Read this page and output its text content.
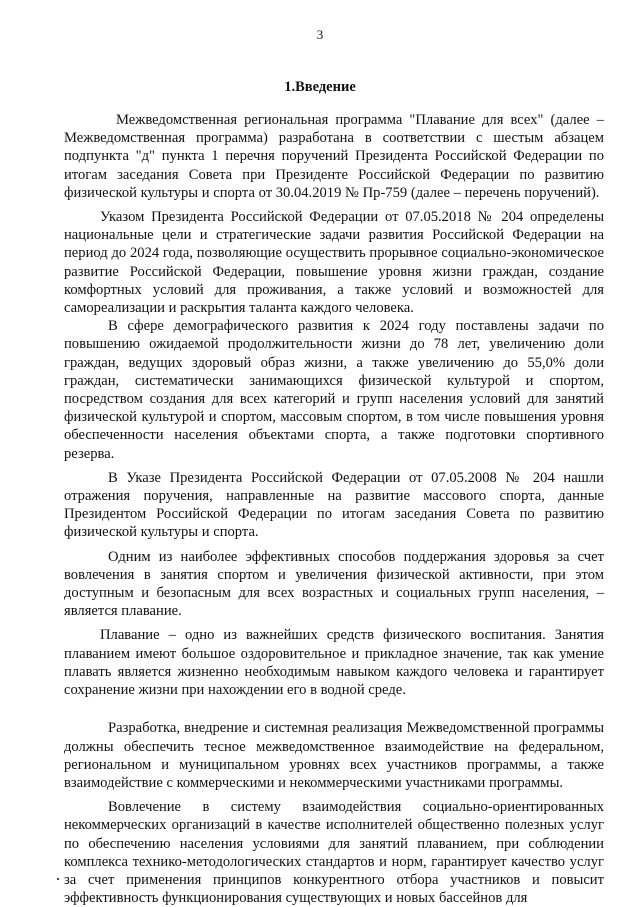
3
1.Введение

Межведомственная региональная программа "Плавание для всех" (далее – Межведомственная программа) разработана в соответствии с шестым абзацем подпункта "д" пункта 1 перечня поручений Президента Российской Федерации по итогам заседания Совета при Президенте Российской Федерации по развитию физической культуры и спорта от 30.04.2019 № Пр-759 (далее – перечень поручений).

Указом Президента Российской Федерации от 07.05.2018 № 204 определены национальные цели и стратегические задачи развития Российской Федерации на период до 2024 года, позволяющие осуществить прорывное социально-экономическое развитие Российской Федерации, повышение уровня жизни граждан, создание комфортных условий для проживания, а также условий и возможностей для самореализации и раскрытия таланта каждого человека.

В сфере демографического развития к 2024 году поставлены задачи по повышению ожидаемой продолжительности жизни до 78 лет, увеличению доли граждан, ведущих здоровый образ жизни, а также увеличению до 55,0% доли граждан, систематически занимающихся физической культурой и спортом, посредством создания для всех категорий и групп населения условий для занятий физической культурой и спортом, массовым спортом, в том числе повышения уровня обеспеченности населения объектами спорта, а также подготовки спортивного резерва.

В Указе Президента Российской Федерации от 07.05.2008 № 204 нашли отражения поручения, направленные на развитие массового спорта, данные Президентом Российской Федерации по итогам заседания Совета по развитию физической культуры и спорта.

Одним из наиболее эффективных способов поддержания здоровья за счет вовлечения в занятия спортом и увеличения физической активности, при этом доступным и безопасным для всех возрастных и социальных групп населения, – является плавание.

Плавание – одно из важнейших средств физического воспитания. Занятия плаванием имеют большое оздоровительное и прикладное значение, так как умение плавать является жизненно необходимым навыком каждого человека и гарантирует сохранение жизни при нахождении его в водной среде.

Разработка, внедрение и системная реализация Межведомственной программы должны обеспечить тесное межведомственное взаимодействие на федеральном, региональном и муниципальном уровнях всех участников программы, а также взаимодействие с коммерческими и некоммерческими участниками программы.

Вовлечение в систему взаимодействия социально-ориентированных некоммерческих организаций в качестве исполнителей общественно полезных услуг по обеспечению населения условиями для занятий плаванием, при соблюдении комплекса технико-методологических стандартов и норм, гарантирует качество услуг за счет применения принципов конкурентного отбора участников и повысит эффективность функционирования существующих и новых бассейнов для
